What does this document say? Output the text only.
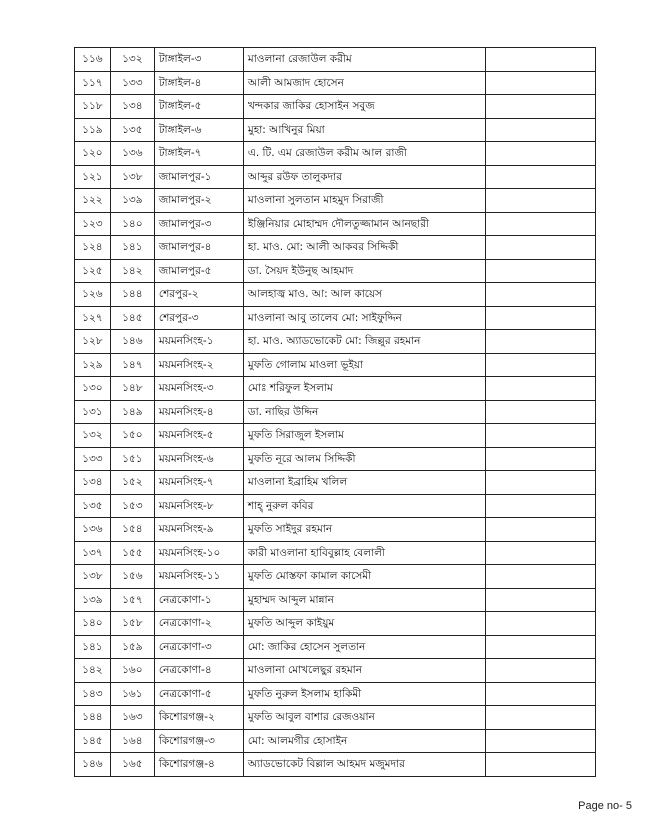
১১৬	১৩২	টাঙ্গাইল-৩	মাওলানা রেজাউল করীম	
১১৭	১৩৩	টাঙ্গাইল-৪	আলী আমজাদ হোসেন	
১১৮	১৩৪	টাঙ্গাইল-৫	খন্দকার জাকির হোসাইন সবুজ	
১১৯	১৩৫	টাঙ্গাইল-৬	মুহা: আখিনুর মিয়া	
১২০	১৩৬	টাঙ্গাইল-৭	এ. টি. এম রেজাউল করীম আল রাজী	
১২১	১৩৮	জামালপুর-১	আব্দুর রউফ তালুকদার	
১২২	১৩৯	জামালপুর-২	মাওলানা সুলতান মাহমুদ সিরাজী	
১২৩	১৪০	জামালপুর-৩	ইঞ্জিনিয়ার মোহাম্মদ দৌলতুজ্জামান আনছারী	
১২৪	১৪১	জামালপুর-৪	হা. মাও. মো: আলী আকবর সিদ্দিকী	
১২৫	১৪২	জামালপুর-৫	ডা. সৈয়দ ইউনুছ আহমাদ	
১২৬	১৪৪	শেরপুর-২	আলহাজ্ব মাও. আ: আল কায়েস	
১২৭	১৪৫	শেরপুর-৩	মাওলানা আবু তালেব মো: সাইফুদ্দিন	
১২৮	১৪৬	ময়মনসিংহ-১	হা. মাও. অ্যাডভোকেট মো: জিল্লুর রহমান	
১২৯	১৪৭	ময়মনসিংহ-২	মুফতি গোলাম মাওলা ভূইয়া	
১৩০	১৪৮	ময়মনসিংহ-৩	মোঃ শরিফুল ইসলাম	
১৩১	১৪৯	ময়মনসিংহ-৪	ডা. নাছির উদ্দিন	
১৩২	১৫০	ময়মনসিংহ-৫	মুফতি সিরাজুল ইসলাম	
১৩৩	১৫১	ময়মনসিংহ-৬	মুফতি নূরে আলম সিদ্দিকী	
১৩৪	১৫২	ময়মনসিংহ-৭	মাওলানা ইব্রাহিম খলিল	
১৩৫	১৫৩	ময়মনসিংহ-৮	শাহ্ নুরুল কবির	
১৩৬	১৫৪	ময়মনসিংহ-৯	মুফতি সাইদুর রহমান	
১৩৭	১৫৫	ময়মনসিংহ-১০	কারী মাওলানা হাবিবুল্লাহ বেলালী	
১৩৮	১৫৬	ময়মনসিংহ-১১	মুফতি মোস্তফা কামাল কাসেমী	
১৩৯	১৫৭	নেত্রকোণা-১	মুহাম্মদ আব্দুল মান্নান	
১৪০	১৫৮	নেত্রকোণা-২	মুফতি আব্দুল কাইয়ুম	
১৪১	১৫৯	নেত্রকোণা-৩	মো: জাকির হোসেন সুলতান	
১৪২	১৬০	নেত্রকোণা-৪	মাওলানা মোখলেছুর রহমান	
১৪৩	১৬১	নেত্রকোণা-৫	মুফতি নুরুল ইসলাম হাকিমী	
১৪৪	১৬৩	কিশোরগঞ্জ-২	মুফতি আবুল বাশার রেজওয়ান	
১৪৫	১৬৪	কিশোরগঞ্জ-৩	মো: আলমগীর হোসাইন	
১৪৬	১৬৫	কিশোরগঞ্জ-৪	অ্যাডভোকেট বিল্লাল আহমদ মজুমদার	
Page no- 5
